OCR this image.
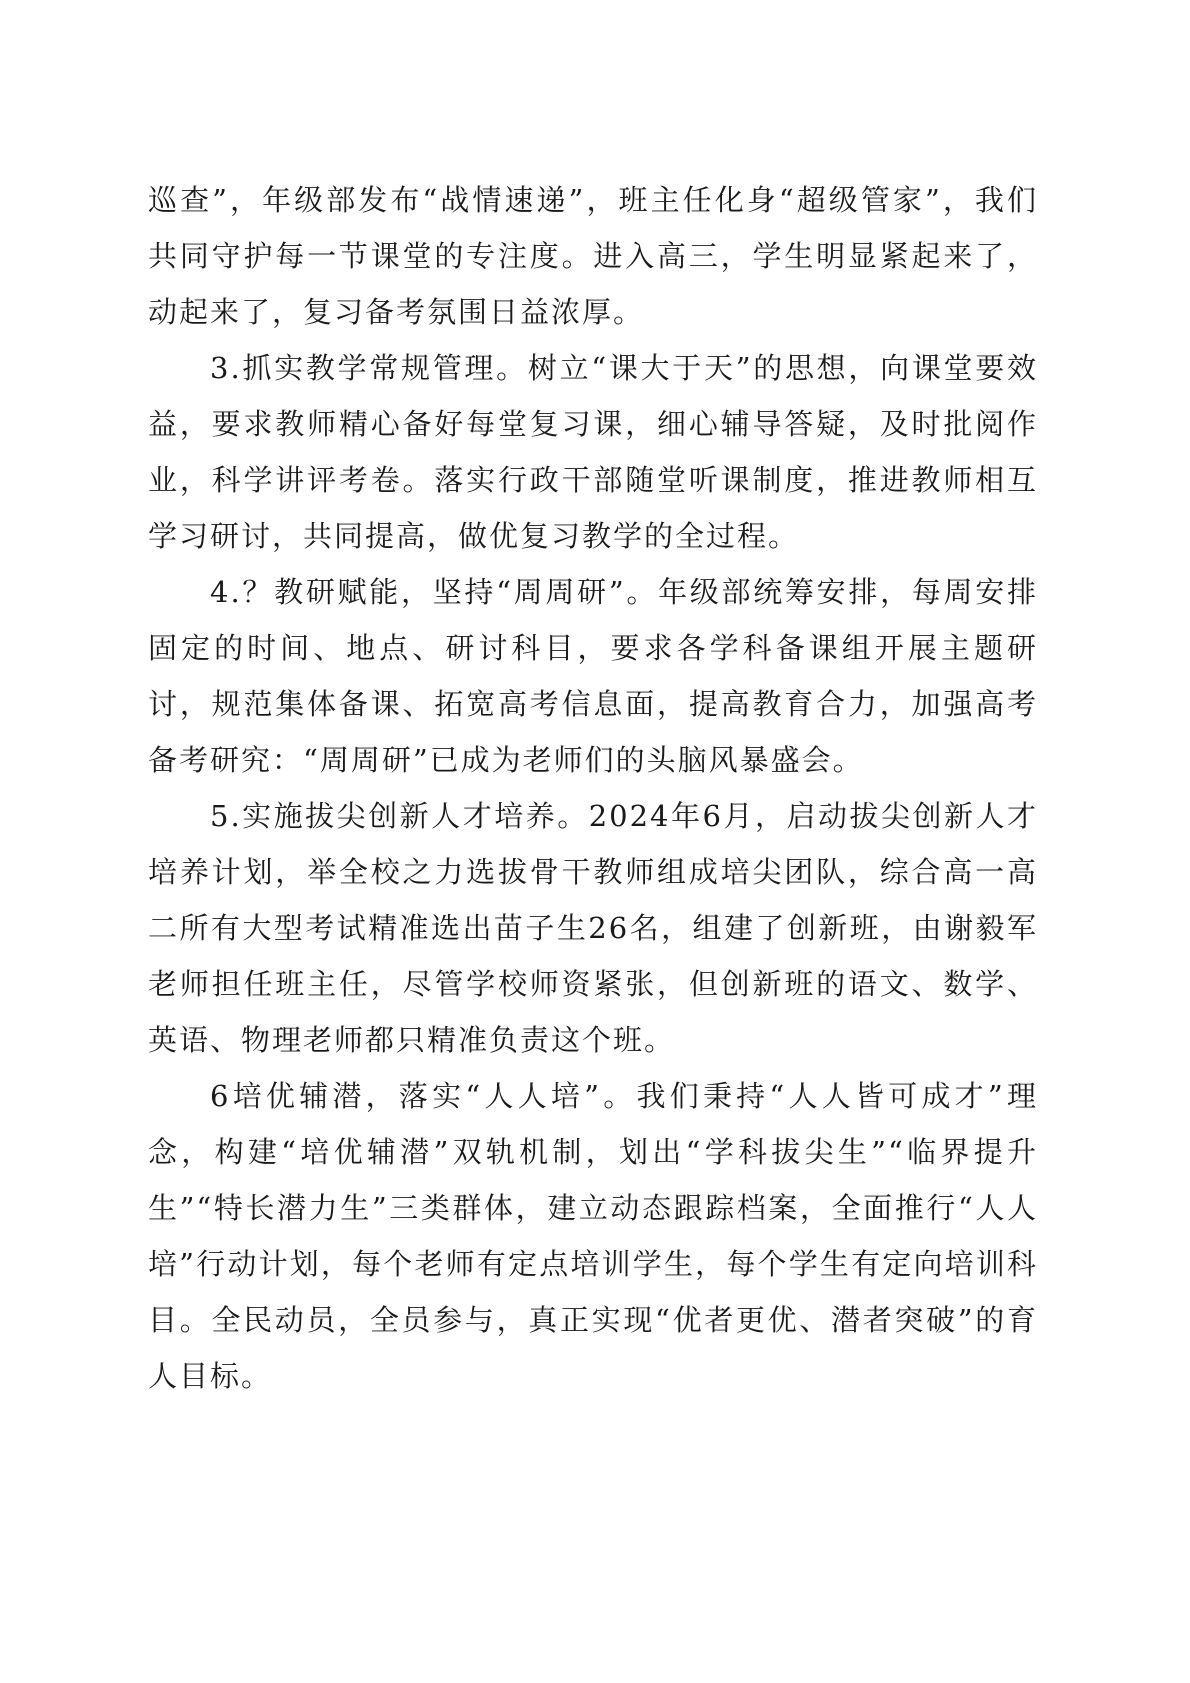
巡查”，年级部发布“战情速递”，班主任化身“超级管家”，我们共同守护每一节课堂的专注度。进入高三，学生明显紧起来了，动起来了，复习备考氛围日益浓厚。

3.抓实教学常规管理。树立“课大于天”的思想，向课堂要效益，要求教师精心备好每堂复习课，细心辅导答疑，及时批阅作业，科学讲评考卷。落实行政干部随堂听课制度，推进教师相互学习研讨，共同提高，做优复习教学的全过程。

4.？教研赋能，坚持“周周研”。年级部统筹安排，每周安排固定的时间、地点、研讨科目，要求各学科备课组开展主题研讨，规范集体备课、拓宽高考信息面，提高教育合力，加强高考备考研究：“周周研”已成为老师们的头脑风暴盛会。

5.实施拔尖创新人才培养。2024年6月，启动拔尖创新人才培养计划，举全校之力选拔骨干教师组成培尖团队，综合高一高二所有大型考试精准选出苗子生26名，组建了创新班，由谢毅军老师担任班主任，尽管学校师资紧张，但创新班的语文、数学、英语、物理老师都只精准负责这个班。

6培优辅潜，落实“人人培”。我们秉持“人人皆可成才”理念，构建“培优辅潜”双轨机制，划出“学科拔尖生”“临界提升生”“特长潜力生”三类群体，建立动态跟踪档案，全面推行“人人培”行动计划，每个老师有定点培训学生，每个学生有定向培训科目。全民动员，全员参与，真正实现“优者更优、潜者突破”的育人目标。
